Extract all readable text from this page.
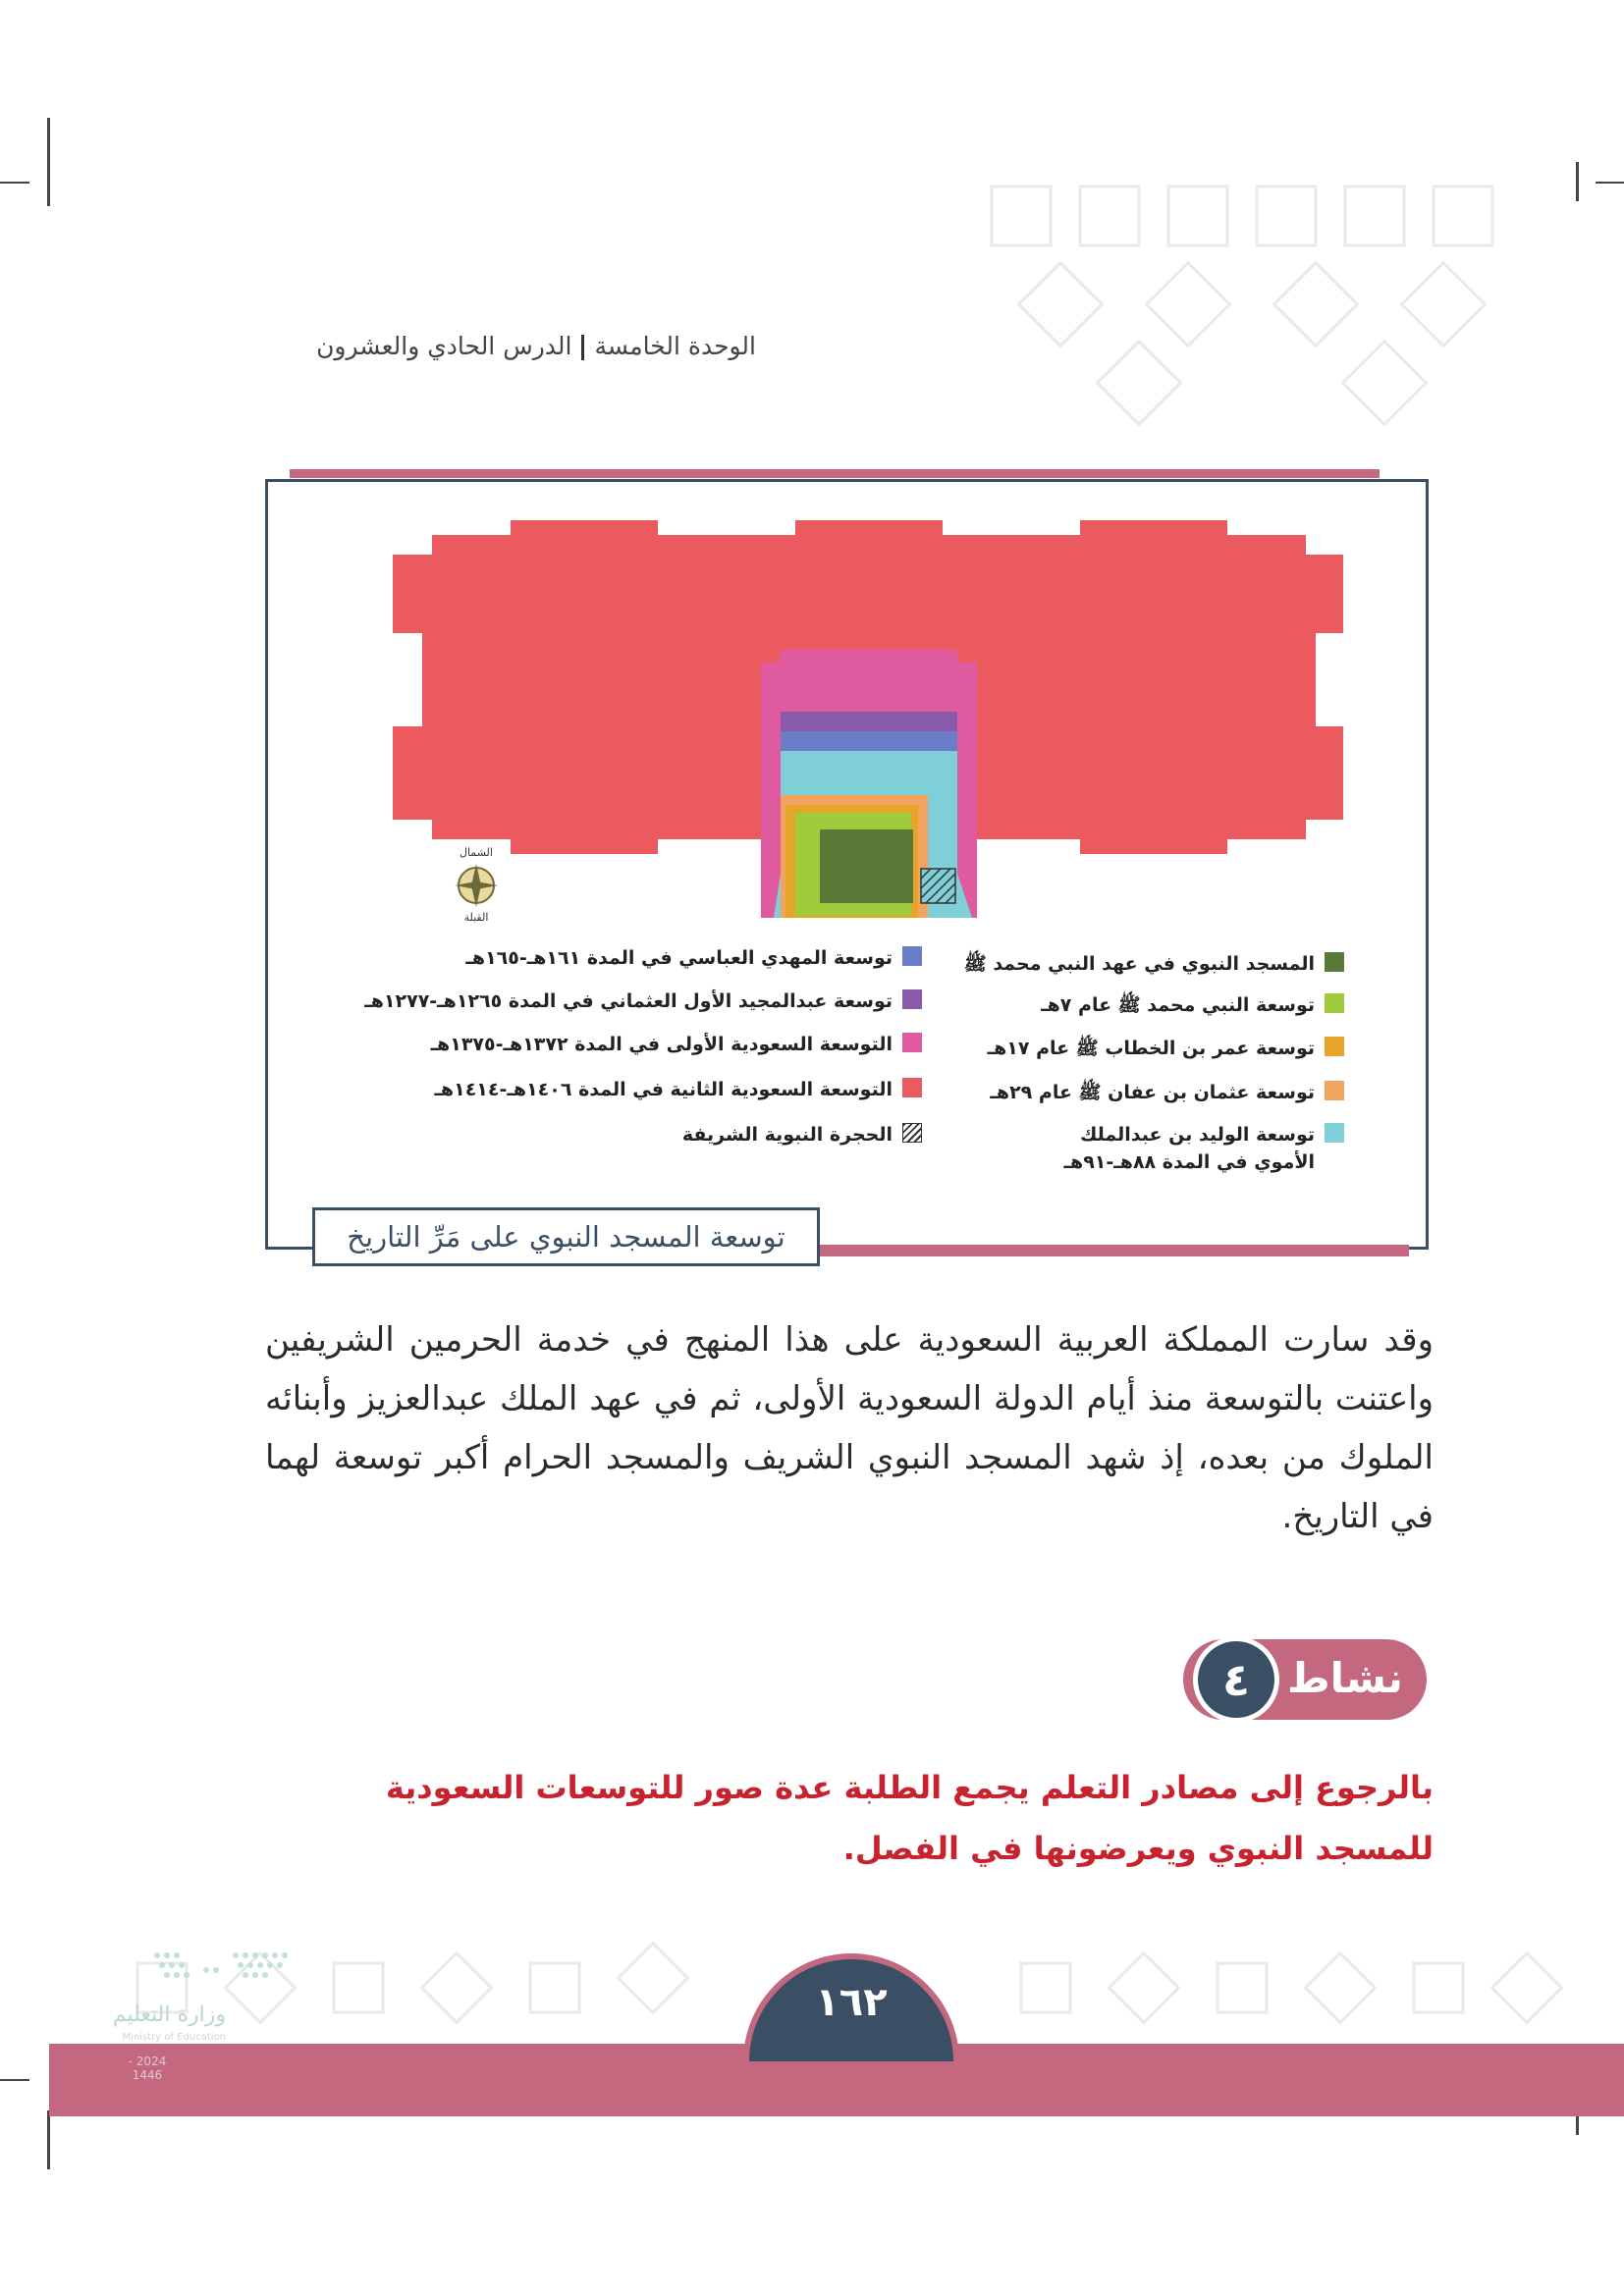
الوحدة الخامسةالدرس الحادي والعشرون
الشمال
القبلة
المسجد النبوي في عهد النبي محمد ﷺ
توسعة النبي محمد ﷺ عام ٧هـ
توسعة عمر بن الخطاب ﷺ عام ١٧هـ
توسعة عثمان بن عفان ﷺ عام ٢٩هـ
توسعة الوليد بن عبدالملك الأموي في المدة ٨٨هـ-٩١هـ
توسعة المهدي العباسي في المدة ١٦١هـ-١٦٥هـ
توسعة عبدالمجيد الأول العثماني في المدة ١٢٦٥هـ-١٢٧٧هـ
التوسعة السعودية الأولى في المدة ١٣٧٢هـ-١٣٧٥هـ
التوسعة السعودية الثانية في المدة ١٤٠٦هـ-١٤١٤هـ
الحجرة النبوية الشريفة
توسعة المسجد النبوي على مَرِّ التاريخ

وقد سارت المملكة العربية السعودية على هذا المنهج في خدمة الحرمين الشريفين واعتنت بالتوسعة منذ أيام الدولة السعودية الأولى، ثم في عهد الملك عبدالعزيز وأبنائه الملوك من بعده، إذ شهد المسجد النبوي الشريف والمسجد الحرام أكبر توسعة لهما في التاريخ.

نشاط
٤
بالرجوع إلى مصادر التعلم يجمع الطلبة عدة صور للتوسعات السعودية للمسجد النبوي ويعرضونها في الفصل.
١٦٢
وزارة التعليم
Ministry of Education
2024 - 1446
